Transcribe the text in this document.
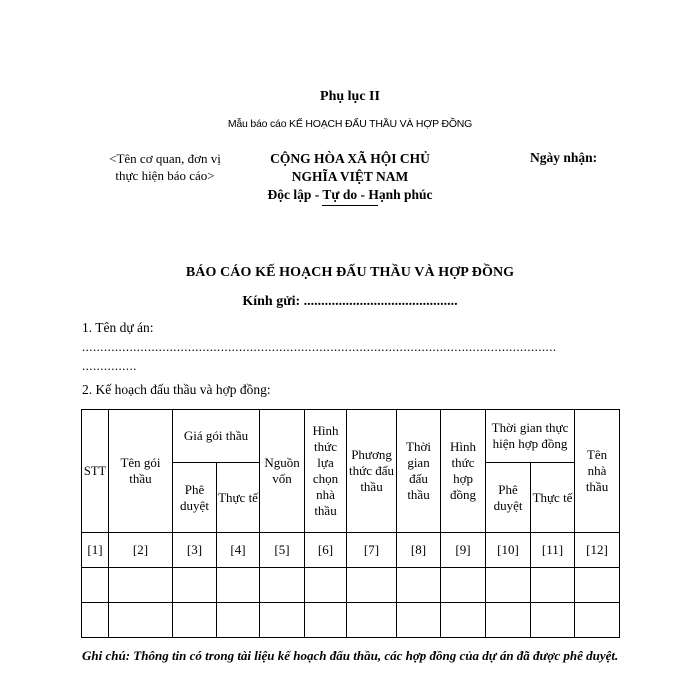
Phụ lục II
Mẫu báo cáo KẾ HOẠCH ĐẤU THẦU VÀ HỢP ĐỒNG
<Tên cơ quan, đơn vị
thực hiện báo cáo>
CỘNG HÒA XÃ HỘI CHỦ
NGHĨA VIỆT NAM
Độc lập - Tự do - Hạnh phúc
Ngày nhận:
BÁO CÁO KẾ HOẠCH ĐẤU THẦU VÀ HỢP ĐỒNG
Kính gửi: ............................................
1. Tên dự án:
..................................................................................................................................
...............
2. Kế hoạch đấu thầu và hợp đồng:
STT	Tên gói thầu	Giá gói thầu		Nguồn vốn	Hình thức lựa chọn nhà thầu	Phương thức đấu thầu	Thời gian đấu thầu	Hình thức hợp đồng	Thời gian thực hiện hợp đồng		Tên nhà thầu
		Phê duyệt	Thực tế						Phê duyệt	Thực tế	
[1]	[2]	[3]	[4]	[5]	[6]	[7]	[8]	[9]	[10]	[11]	[12]

Ghi chú: Thông tin có trong tài liệu kế hoạch đấu thầu, các hợp đồng của dự án đã được phê duyệt.
